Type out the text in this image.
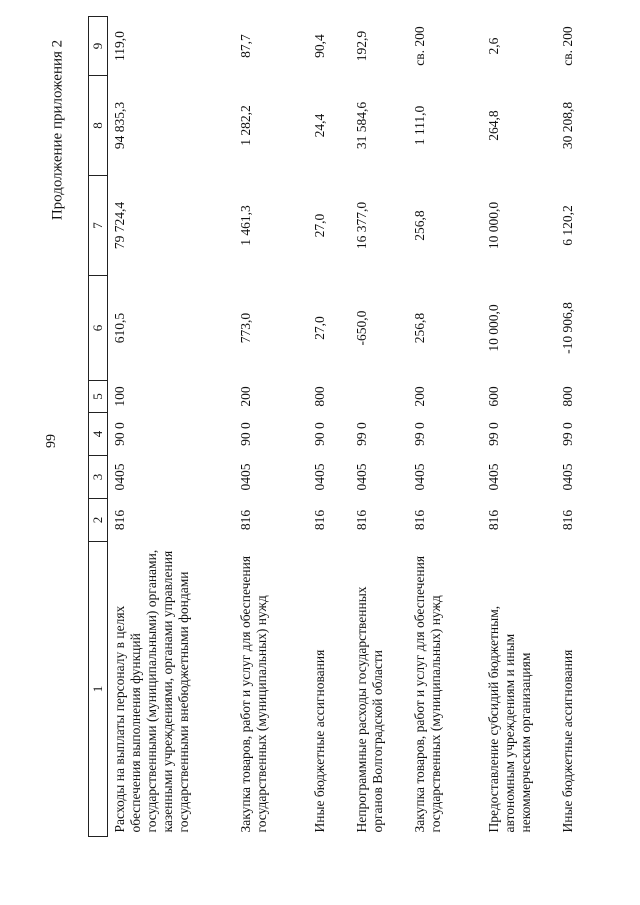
99
Продолжение приложения 2
1	2	3	4	5	6	7	8	9
Расходы на выплаты персоналу в целях обеспечения выполнения функций государственными (муниципальными) органами, казенными учреждениями, органами управления государственными внебюджетными фондами	816	0405	90 0	100	610,5	79 724,4	94 835,3	119,0
Закупка товаров, работ и услуг для обеспечения государственных (муниципальных) нужд	816	0405	90 0	200	773,0	1 461,3	1 282,2	87,7
Иные бюджетные ассигнования	816	0405	90 0	800	27,0	27,0	24,4	90,4
Непрограммные расходы государственных органов Волгоградской области	816	0405	99 0		-650,0	16 377,0	31 584,6	192,9
Закупка товаров, работ и услуг для обеспечения государственных (муниципальных) нужд	816	0405	99 0	200	256,8	256,8	1 111,0	св. 200
Предоставление субсидий бюджетным, автономным учреждениям и иным некоммерческим организациям	816	0405	99 0	600	10 000,0	10 000,0	264,8	2,6
Иные бюджетные ассигнования	816	0405	99 0	800	-10 906,8	6 120,2	30 208,8	св. 200
